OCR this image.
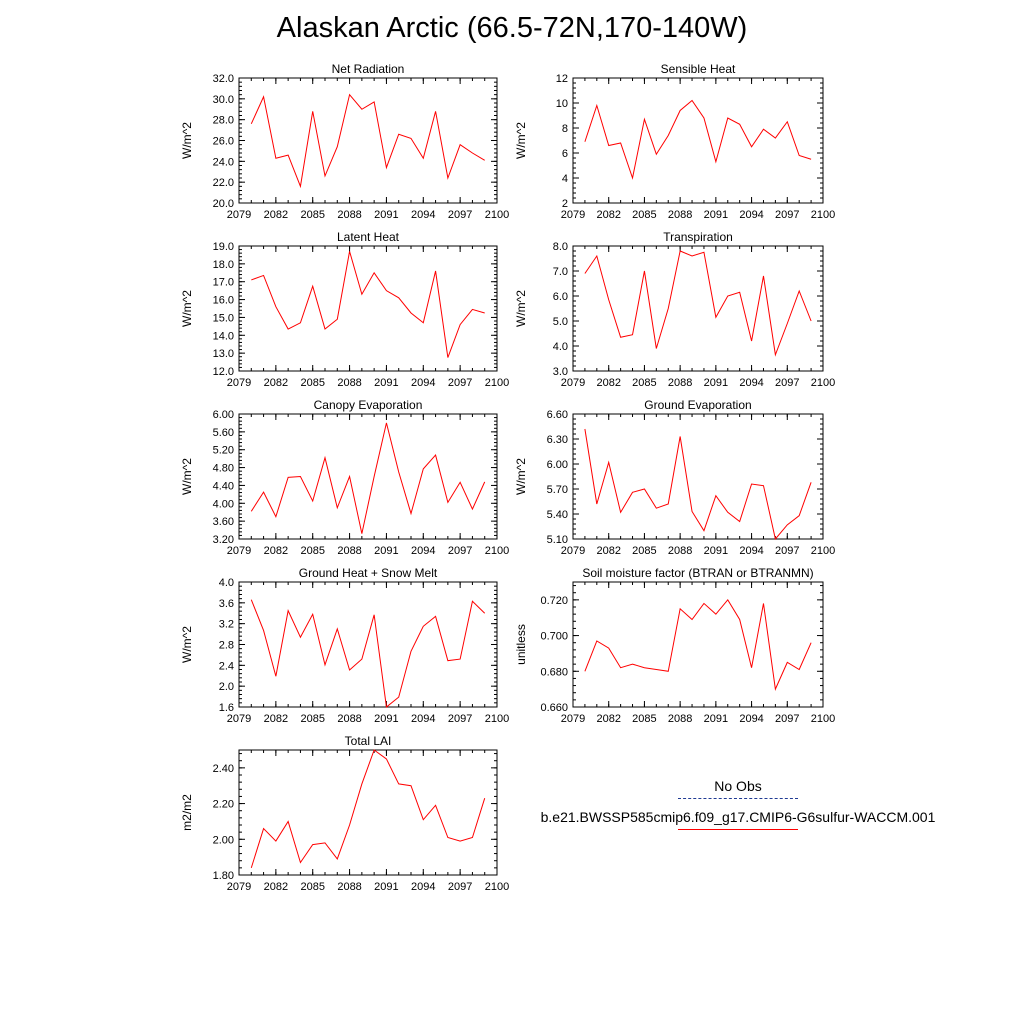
Alaskan Arctic (66.5-72N,170-140W)
2079 2082 2085 2088 2091 2094 2097 2100
20.0
22.0
24.0
26.0
28.0
30.0
32.0
Net Radiation
W/m^2
2079 2082 2085 2088 2091 2094 2097 2100
2
4
6
8
10
12
Sensible Heat
W/m^2
2079 2082 2085 2088 2091 2094 2097 2100
12.0
13.0
14.0
15.0
16.0
17.0
18.0
19.0
Latent Heat
W/m^2
2079 2082 2085 2088 2091 2094 2097 2100
3.0
4.0
5.0
6.0
7.0
8.0
Transpiration
W/m^2
2079 2082 2085 2088 2091 2094 2097 2100
3.20
3.60
4.00
4.40
4.80
5.20
5.60
6.00
Canopy Evaporation
W/m^2
2079 2082 2085 2088 2091 2094 2097 2100
5.10
5.40
5.70
6.00
6.30
6.60
Ground Evaporation
W/m^2
2079 2082 2085 2088 2091 2094 2097 2100
1.6
2.0
2.4
2.8
3.2
3.6
4.0
Ground Heat + Snow Melt
W/m^2
2079 2082 2085 2088 2091 2094 2097 2100
0.660
0.680
0.700
0.720
Soil moisture factor (BTRAN or BTRANMN)
unitless
2079 2082 2085 2088 2091 2094 2097 2100
1.80
2.00
2.20
2.40
Total LAI
m2/m2
No Obs
b.e21.BWSSP585cmip6.f09_g17.CMIP6-G6sulfur-WACCM.001
